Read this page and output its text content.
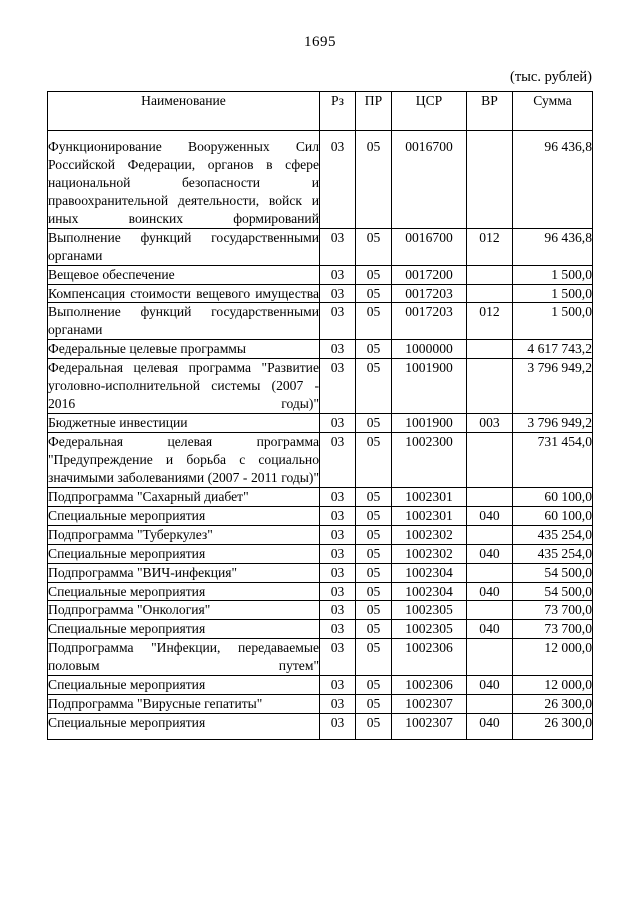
1695
(тыс. рублей)
Наименование	Рз	ПР	ЦСР	ВР	Сумма
Функционирование Вооруженных Сил Российской Федерации, органов в сфере национальной безопасности и правоохранительной деятельности, войск и иных воинских формирований	03	05	0016700		96 436,8
Выполнение функций государственными органами	03	05	0016700	012	96 436,8
Вещевое обеспечение	03	05	0017200		1 500,0
Компенсация стоимости вещевого имущества	03	05	0017203		1 500,0
Выполнение функций государственными органами	03	05	0017203	012	1 500,0
Федеральные целевые программы	03	05	1000000		4 617 743,2
Федеральная целевая программа "Развитие уголовно-исполнительной системы (2007 - 2016 годы)"	03	05	1001900		3 796 949,2
Бюджетные инвестиции	03	05	1001900	003	3 796 949,2
Федеральная целевая программа "Предупреждение и борьба с социально значимыми заболеваниями (2007 - 2011 годы)"	03	05	1002300		731 454,0
Подпрограмма "Сахарный диабет"	03	05	1002301		60 100,0
Специальные мероприятия	03	05	1002301	040	60 100,0
Подпрограмма "Туберкулез"	03	05	1002302		435 254,0
Специальные мероприятия	03	05	1002302	040	435 254,0
Подпрограмма "ВИЧ-инфекция"	03	05	1002304		54 500,0
Специальные мероприятия	03	05	1002304	040	54 500,0
Подпрограмма "Онкология"	03	05	1002305		73 700,0
Специальные мероприятия	03	05	1002305	040	73 700,0
Подпрограмма "Инфекции, передаваемые половым путем"	03	05	1002306		12 000,0
Специальные мероприятия	03	05	1002306	040	12 000,0
Подпрограмма "Вирусные гепатиты"	03	05	1002307		26 300,0
Специальные мероприятия	03	05	1002307	040	26 300,0
